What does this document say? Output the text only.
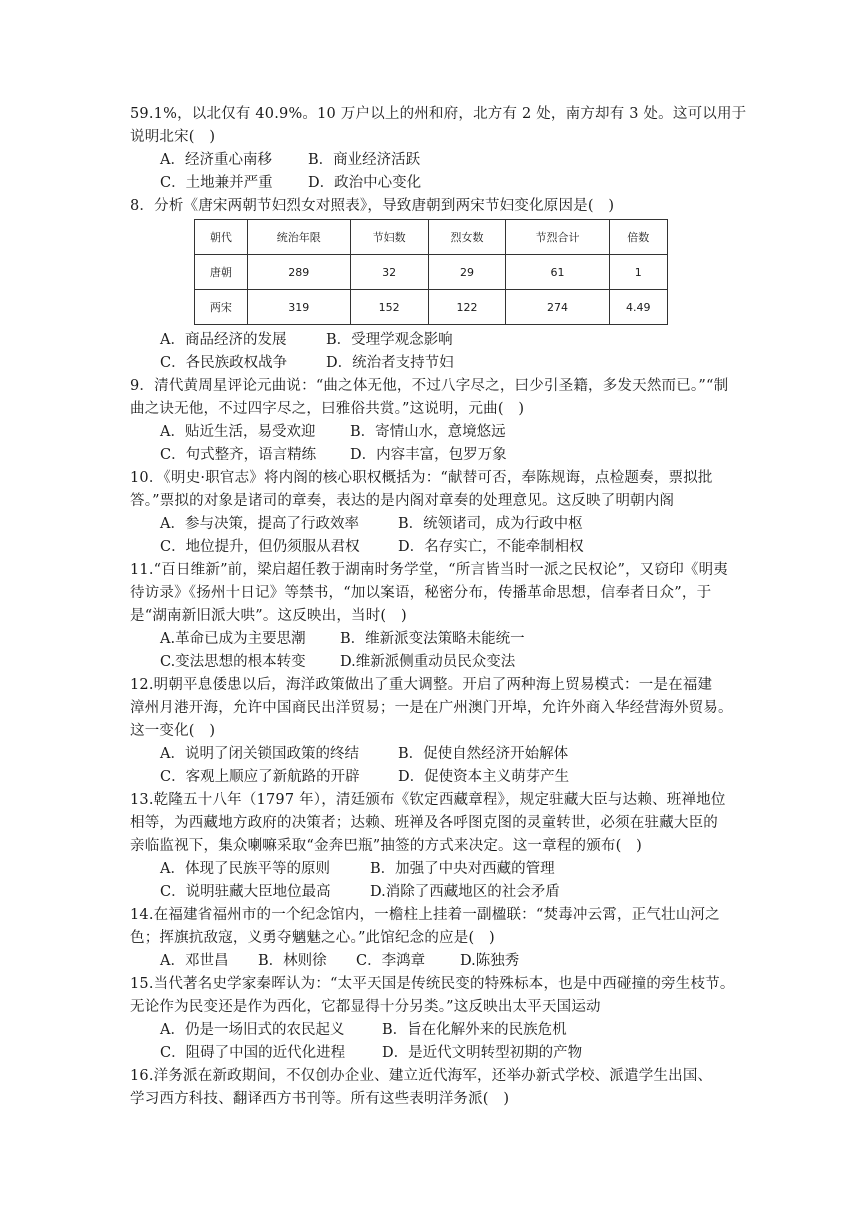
59.1%，以北仅有 40.9%。10 万户以上的州和府，北方有 2 处，南方却有 3 处。这可以用于
说明北宋(　)
A．经济重心南移 B．商业经济活跃
C．土地兼并严重 D．政治中心变化
8．分析《唐宋两朝节妇烈女对照表》，导致唐朝到两宋节妇变化原因是(　)
朝代	统治年限	节妇数	烈女数	节烈合计	倍数
唐朝	289	32	29	61	1
两宋	319	152	122	274	4.49
A．商品经济的发展	B．受理学观念影响
C．各民族政权战争	D．统治者支持节妇
9．清代黄周星评论元曲说：“曲之体无他，不过八字尽之，曰少引圣籍，多发天然而已。”“制
曲之诀无他，不过四字尽之，曰雅俗共赏。”这说明，元曲(　)
A．贴近生活，易受欢迎 B．寄情山水，意境悠远
C．句式整齐，语言精练 D．内容丰富，包罗万象
10．《明史·职官志》将内阁的核心职权概括为：“献替可否，奉陈规诲，点检题奏，票拟批
答。”票拟的对象是诸司的章奏，表达的是内阁对章奏的处理意见。这反映了明朝内阁
A．参与决策，提高了行政效率	B．统领诸司，成为行政中枢
C．地位提升，但仍须服从君权	D．名存实亡，不能牵制相权
11.“百日维新”前，梁启超任教于湖南时务学堂，“所言皆当时一派之民权论”，又窃印《明夷
待访录》《扬州十日记》等禁书，“加以案语，秘密分布，传播革命思想，信奉者日众”，于
是“湖南新旧派大哄”。这反映出，当时(　)
A.革命已成为主要思潮 B．维新派变法策略未能统一
C.变法思想的根本转变 D.维新派侧重动员民众变法
12.明朝平息倭患以后，海洋政策做出了重大调整。开启了两种海上贸易模式：一是在福建
漳州月港开海，允许中国商民出洋贸易；一是在广州澳门开埠，允许外商入华经营海外贸易。
这一变化(　)
A．说明了闭关锁国政策的终结	B．促使自然经济开始解体
C．客观上顺应了新航路的开辟	D．促使资本主义萌芽产生
13.乾隆五十八年（1797 年），清廷颁布《钦定西藏章程》，规定驻藏大臣与达赖、班禅地位
相等，为西藏地方政府的决策者；达赖、班禅及各呼图克图的灵童转世，必须在驻藏大臣的
亲临监视下，集众喇嘛采取“金奔巴瓶”抽签的方式来决定。这一章程的颁布(　)
A．体现了民族平等的原则	B．加强了中央对西藏的管理
C．说明驻藏大臣地位最高	D.消除了西藏地区的社会矛盾
14.在福建省福州市的一个纪念馆内，一檐柱上挂着一副楹联：“焚毒冲云霄，正气壮山河之
色；挥旗抗敌寇，义勇夺魑魅之心。”此馆纪念的应是(　)
A．邓世昌 B．林则徐 C．李鸿章 D.陈独秀
15.当代著名史学家秦晖认为：“太平天国是传统民变的特殊标本，也是中西碰撞的旁生枝节。
无论作为民变还是作为西化，它都显得十分另类。”这反映出太平天国运动
A．仍是一场旧式的农民起义	B．旨在化解外来的民族危机
C．阻碍了中国的近代化进程	D．是近代文明转型初期的产物
16.洋务派在新政期间，不仅创办企业、建立近代海军，还举办新式学校、派遣学生出国、
学习西方科技、翻译西方书刊等。所有这些表明洋务派(　)
